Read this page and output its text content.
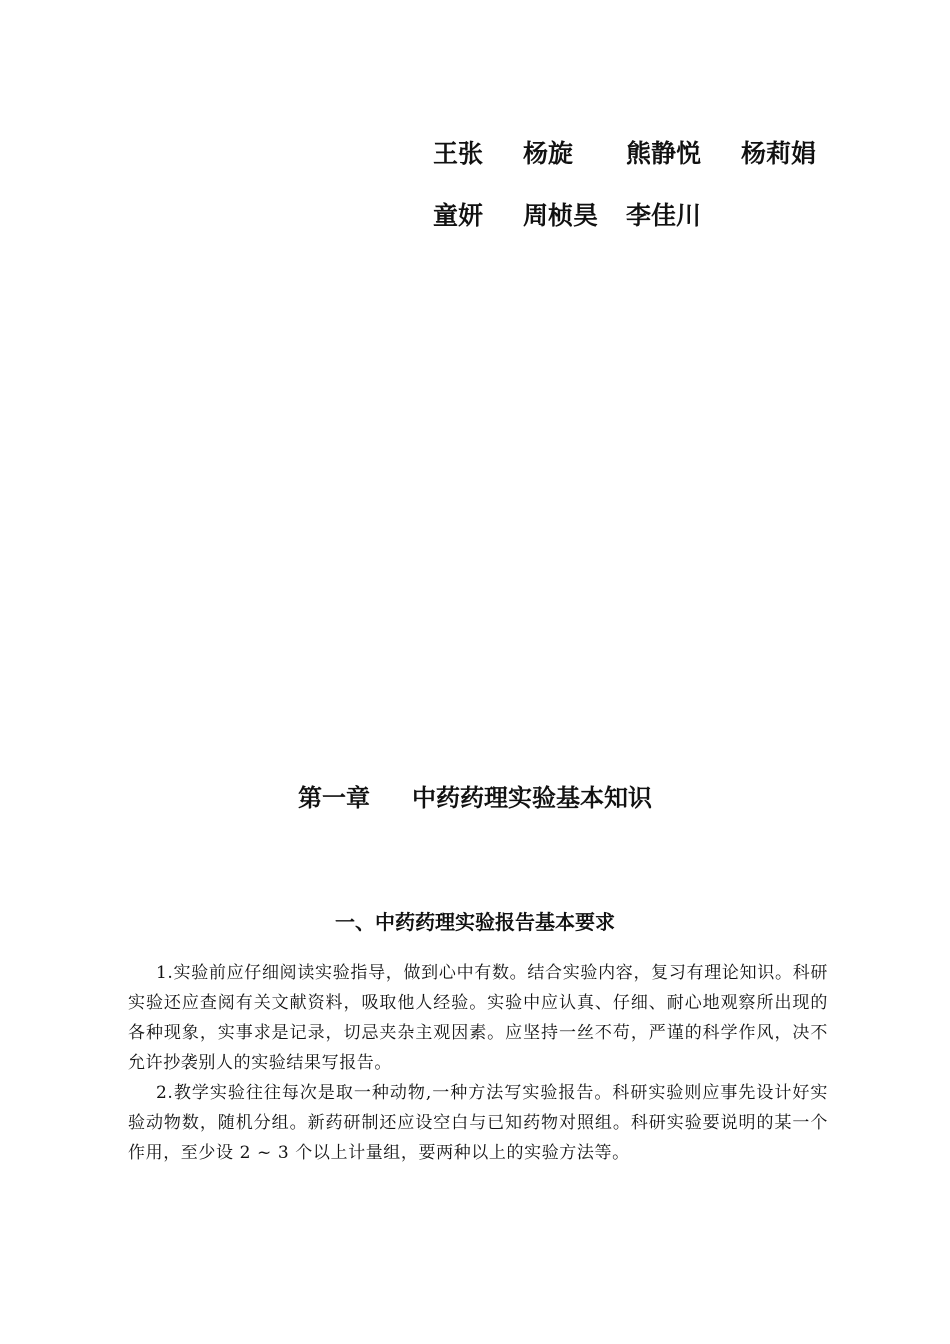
王张	杨旋	熊静悦	杨莉娟
童妍	周桢昊	李佳川
第一章 中药药理实验基本知识
一、中药药理实验报告基本要求

1.实验前应仔细阅读实验指导，做到心中有数。结合实验内容，复习有理论知识。科研实验还应查阅有关文献资料，吸取他人经验。实验中应认真、仔细、耐心地观察所出现的各种现象，实事求是记录，切忌夹杂主观因素。应坚持一丝不苟，严谨的科学作风，决不允许抄袭别人的实验结果写报告。

2.教学实验往往每次是取一种动物,一种方法写实验报告。科研实验则应事先设计好实验动物数，随机分组。新药研制还应设空白与已知药物对照组。科研实验要说明的某一个作用，至少设 2 ~ 3 个以上计量组，要两种以上的实验方法等。
